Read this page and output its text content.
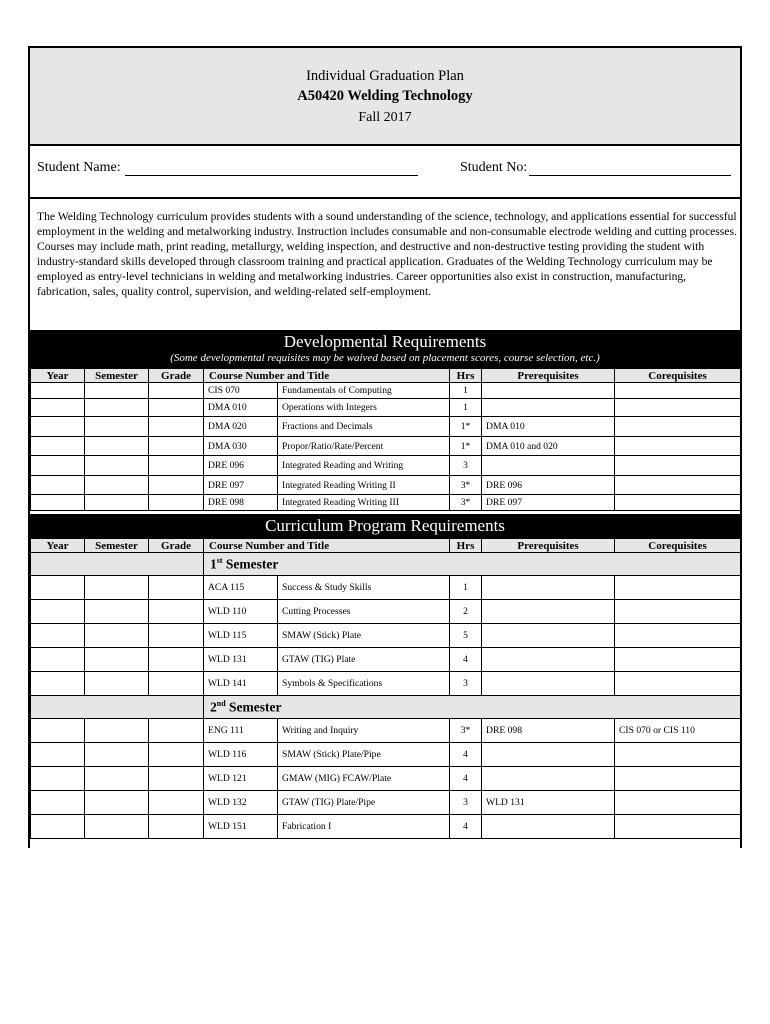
Individual Graduation Plan
A50420 Welding Technology
Fall 2017
Student Name:	Student No:
The Welding Technology curriculum provides students with a sound understanding of the science, technology, and applications essential for successful employment in the welding and metalworking industry. Instruction includes consumable and non-consumable electrode welding and cutting processes. Courses may include math, print reading, metallurgy, welding inspection, and destructive and non-destructive testing providing the student with industry-standard skills developed through classroom training and practical application. Graduates of the Welding Technology curriculum may be employed as entry-level technicians in welding and metalworking industries. Career opportunities also exist in construction, manufacturing, fabrication, sales, quality control, supervision, and welding-related self-employment.
Developmental Requirements
(Some developmental requisites may be waived based on placement scores, course selection, etc.)
Year	Semester	Grade	Course Number and Title		Hrs	Prerequisites	Corequisites
			CIS 070	Fundamentals of Computing	1		
			DMA 010	Operations with Integers	1		
			DMA 020	Fractions and Decimals	1*	DMA 010	
			DMA 030	Propor/Ratio/Rate/Percent	1*	DMA 010 and 020	
			DRE 096	Integrated Reading and Writing	3		
			DRE 097	Integrated Reading Writing II	3*	DRE 096	
			DRE 098	Integrated Reading Writing III	3*	DRE 097	
Curriculum Program Requirements
Year	Semester	Grade	Course Number and Title		Hrs	Prerequisites	Corequisites
			1st Semester				
			ACA 115	Success & Study Skills	1		
			WLD 110	Cutting Processes	2		
			WLD 115	SMAW (Stick) Plate	5		
			WLD 131	GTAW (TIG) Plate	4		
			WLD 141	Symbols & Specifications	3		
			2nd Semester				
			ENG 111	Writing and Inquiry	3*	DRE 098	CIS 070 or CIS 110
			WLD 116	SMAW (Stick) Plate/Pipe	4		
			WLD 121	GMAW (MIG) FCAW/Plate	4		
			WLD 132	GTAW (TIG) Plate/Pipe	3	WLD 131	
			WLD 151	Fabrication I	4		
